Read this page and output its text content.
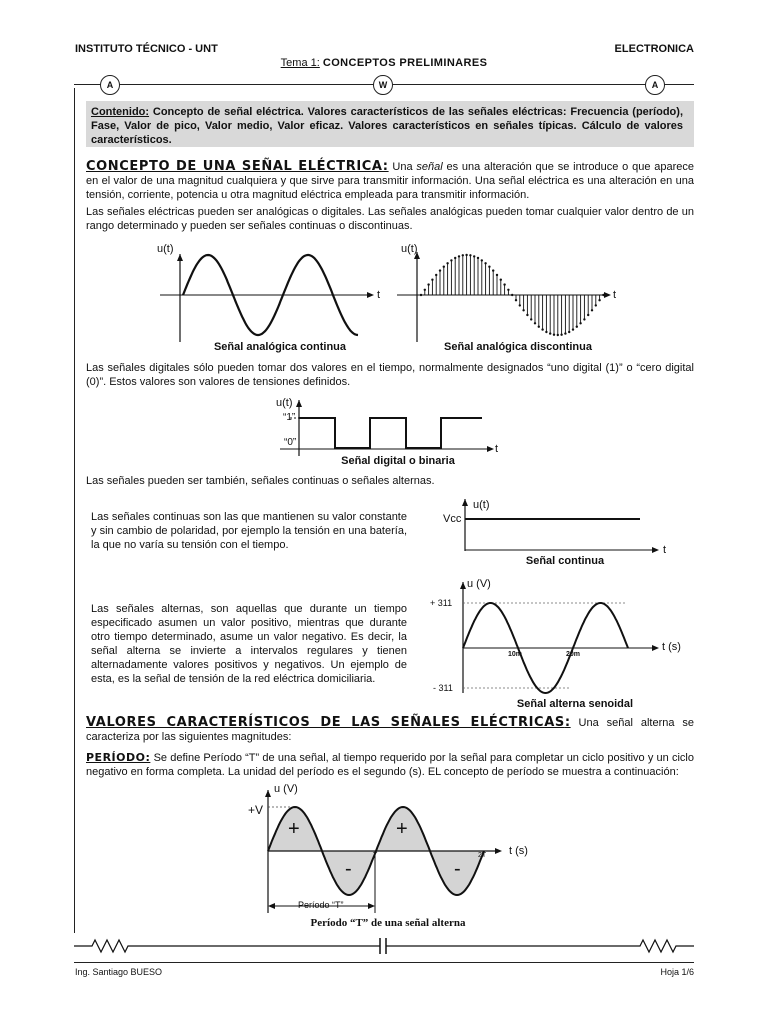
INSTITUTO TÉCNICO - UNT	ELECTRONICA
Tema 1: CONCEPTOS PRELIMINARES
A	W	A
Contenido: Concepto de señal eléctrica. Valores característicos de las señales eléctricas: Frecuencia (período), Fase, Valor de pico, Valor medio, Valor eficaz. Valores característicos en señales típicas. Cálculo de valores característicos.
CONCEPTO DE UNA SEÑAL ELÉCTRICA: Una señal es una alteración que se introduce o que aparece en el valor de una magnitud cualquiera y que sirve para transmitir información. Una señal eléctrica es una alteración en una tensión, corriente, potencia u otra magnitud eléctrica empleada para transmitir información.
Las señales eléctricas pueden ser analógicas o digitales. Las señales analógicas pueden tomar cualquier valor dentro de un rango determinado y pueden ser señales continuas o discontinuas.
u(t)
t
Señal analógica continua
u(t)
t
Señal analógica discontinua
Las señales digitales sólo pueden tomar dos valores en el tiempo, normalmente designados “uno digital (1)” o “cero digital (0)”. Estos valores son valores de tensiones definidos.
u(t)
“1”
“0”
t
Señal digital o binaria
Las señales pueden ser también, señales continuas o señales alternas.
Las señales continuas son las que mantienen su valor constante y sin cambio de polaridad, por ejemplo la tensión en una batería, la que no varía su tensión con el tiempo.
u(t)
Vcc
t
Señal continua
Las señales alternas, son aquellas que durante un tiempo especificado asumen un valor positivo, mientras que durante otro tiempo determinado, asume un valor negativo. Es decir, la señal alterna se invierte a intervalos regulares y tienen alternadamente valores positivos y negativos. Un ejemplo de esta, es la señal de tensión de la red eléctrica domiciliaria.
u (V)
+ 311
- 311
10m	20m
t (s)
Señal alterna senoidal
VALORES CARACTERÍSTICOS DE LAS SEÑALES ELÉCTRICAS: Una señal alterna se caracteriza por las siguientes magnitudes:
PERÍODO: Se define Período “T” de una señal, al tiempo requerido por la señal para completar un ciclo positivo y un ciclo negativo en forma completa. La unidad del período es el segundo (s). EL concepto de período se muestra a continuación:
u (V)
+V
+	+
-	-
T	2T t (s)
Período “T”
Período “T” de una señal alterna
Ing. Santiago BUESO	Hoja 1/6
